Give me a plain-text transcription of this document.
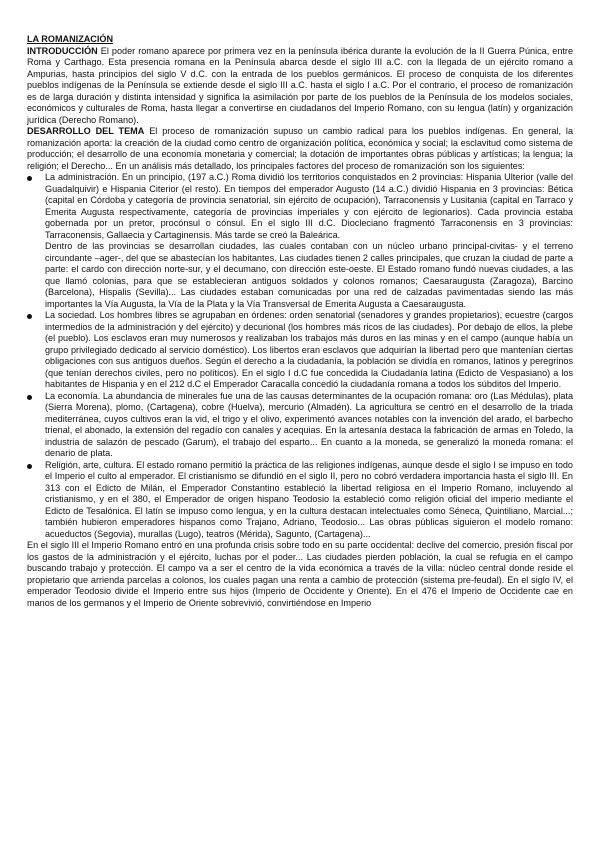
LA ROMANIZACIÓN

INTRODUCCIÓN El poder romano aparece por primera vez en la península ibérica durante la evolución de la II Guerra Púnica, entre Roma y Carthago. Esta presencia romana en la Península abarca desde el siglo III a.C. con la llegada de un ejército romano a Ampurias, hasta principios del siglo V d.C. con la entrada de los pueblos germánicos. El proceso de conquista de los diferentes pueblos indígenas de la Península se extiende desde el siglo III a.C. hasta el siglo I a.C. Por el contrario, el proceso de romanización es de larga duración y distinta intensidad y significa la asimilación por parte de los pueblos de la Península de los modelos sociales, económicos y culturales de Roma, hasta llegar a convertirse en ciudadanos del Imperio Romano, con su lengua (latín) y organización jurídica (Derecho Romano).

DESARROLLO DEL TEMA El proceso de romanización supuso un cambio radical para los pueblos indígenas. En general, la romanización aporta: la creación de la ciudad como centro de organización política, económica y social; la esclavitud como sistema de producción; el desarrollo de una economía monetaria y comercial; la dotación de importantes obras públicas y artísticas; la lengua; la religión; el Derecho... En un análisis más detallado, los principales factores del proceso de romanización son los siguientes:

La administración. En un principio, (197 a.C.) Roma dividió los territorios conquistados en 2 provincias: Hispania Ulterior (valle del Guadalquivir) e Hispania Citerior (el resto). En tiempos del emperador Augusto (14 a.C.) dividió Hispania en 3 provincias: Bética (capital en Córdoba y categoría de provincia senatorial, sin ejército de ocupación), Tarraconensis y Lusitania (capital en Tarraco y Emerita Augusta respectivamente, categoría de provincias imperiales y con ejército de legionarios). Cada provincia estaba gobernada por un pretor, procónsul o cónsul. En el siglo III d.C. Diocleciano fragmentó Tarraconensis en 3 provincias: Tarraconensis, Gallaecia y Cartaginensis. Más tarde se creó la Baleárica.

Dentro de las provincias se desarrollan ciudades, las cuales contaban con un núcleo urbano principal-civitas- y el terreno circundante –ager-, del que se abastecían los habitantes. Las ciudades tienen 2 calles principales, que cruzan la ciudad de parte a parte: el cardo con dirección norte-sur, y el decumano, con dirección este-oeste. El Estado romano fundó nuevas ciudades, a las que llamó colonias, para que se establecieran antiguos soldados y colonos romanos; Caesaraugusta (Zaragoza), Barcino (Barcelona), Hispalis (Sevilla)... Las ciudades estaban comunicadas por una red de calzadas pavimentadas siendo las más importantes la Vía Augusta, la Vía de la Plata y la Vía Transversal de Emerita Augusta a Caesaraugusta.

La sociedad. Los hombres libres se agrupaban en órdenes: orden senatorial (senadores y grandes propietarios), ecuestre (cargos intermedios de la administración y del ejército) y decurional (los hombres más ricos de las ciudades). Por debajo de ellos, la plebe (el pueblo). Los esclavos eran muy numerosos y realizaban los trabajos más duros en las minas y en el campo (aunque había un grupo privilegiado dedicado al servicio doméstico). Los libertos eran esclavos que adquirían la libertad pero que mantenían ciertas obligaciones con sus antiguos dueños. Según el derecho a la ciudadanía, la población se dividía en romanos, latinos y peregrinos (que tenían derechos civiles, pero no políticos). En el siglo I d.C fue concedida la Ciudadanía latina (Edicto de Vespasiano) a los habitantes de Hispania y en el 212 d.C el Emperador Caracalla concedió la ciudadanía romana a todos los súbditos del Imperio.
La economía. La abundancia de minerales fue una de las causas determinantes de la ocupación romana: oro (Las Médulas), plata (Sierra Morena), plomo, (Cartagena), cobre (Huelva), mercurio (Almadén). La agricultura se centró en el desarrollo de la triada mediterránea, cuyos cultivos eran la vid, el trigo y el olivo, experimentó avances notables con la invención del arado, el barbecho trienal, el abonado, la extensión del regadío con canales y acequias. En la artesanía destaca la fabricación de armas en Toledo, la industria de salazón de pescado (Garum), el trabajo del esparto... En cuanto a la moneda, se generalizó la moneda romana: el denario de plata.
Religión, arte, cultura. El estado romano permitió la práctica de las religiones indígenas, aunque desde el siglo I se impuso en todo el Imperio el culto al emperador. El cristianismo se difundió en el siglo II, pero no cobró verdadera importancia hasta el siglo III. En 313 con el Edicto de Milán, el Emperador Constantino estableció la libertad religiosa en el Imperio Romano, incluyendo al cristianismo, y en el 380, el Emperador de origen hispano Teodosio la estableció como religión oficial del imperio mediante el Edicto de Tesalónica. El latín se impuso como lengua, y en la cultura destacan intelectuales como Séneca, Quintiliano, Marcial...; también hubieron emperadores hispanos como Trajano, Adriano, Teodosio... Las obras públicas siguieron el modelo romano: acueductos (Segovia), murallas (Lugo), teatros (Mérida), Sagunto, (Cartagena)...

En el siglo III el Imperio Romano entró en una profunda crisis sobre todo en su parte occidental: declive del comercio, presión fiscal por los gastos de la administración y el ejército, luchas por el poder... Las ciudades pierden población, la cual se refugia en el campo buscando trabajo y protección. El campo va a ser el centro de la vida económica a través de la villa: núcleo central donde reside el propietario que arrienda parcelas a colonos, los cuales pagan una renta a cambio de protección (sistema pre-feudal). En el siglo IV, el emperador Teodosio divide el Imperio entre sus hijos (Imperio de Occidente y Oriente). En el 476 el Imperio de Occidente cae en manos de los germanos y el Imperio de Oriente sobrevivió, convirtiéndose en Imperio
